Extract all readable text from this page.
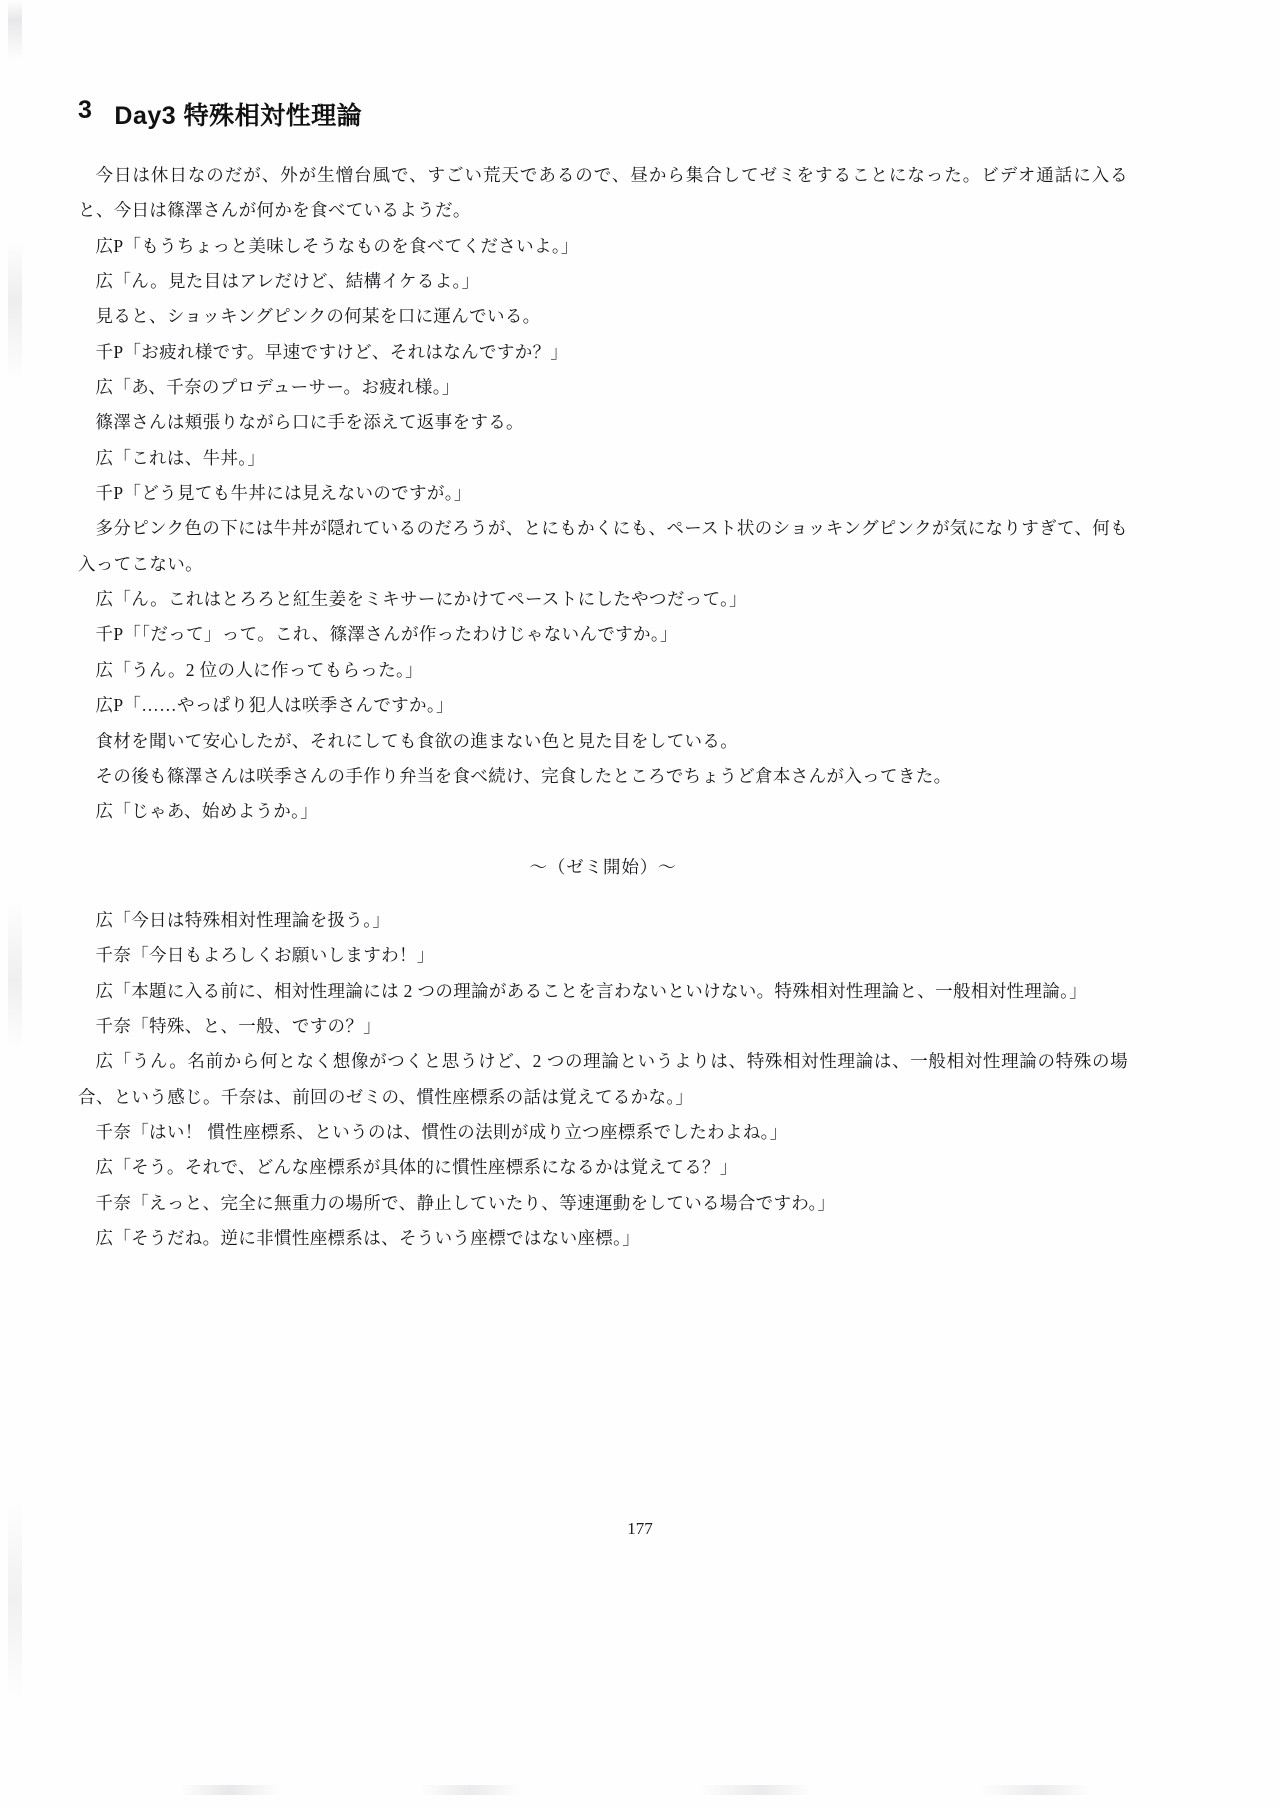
3 Day3 特殊相対性理論

今日は休日なのだが、外が生憎台風で、すごい荒天であるので、昼から集合してゼミをすることになった。ビデオ通話に入ると、今日は篠澤さんが何かを食べているようだ。

広P「もうちょっと美味しそうなものを食べてくださいよ。」

広「ん。見た目はアレだけど、結構イケるよ。」

見ると、ショッキングピンクの何某を口に運んでいる。

千P「お疲れ様です。早速ですけど、それはなんですか？」

広「あ、千奈のプロデューサー。お疲れ様。」

篠澤さんは頬張りながら口に手を添えて返事をする。

広「これは、牛丼。」

千P「どう見ても牛丼には見えないのですが。」

多分ピンク色の下には牛丼が隠れているのだろうが、とにもかくにも、ペースト状のショッキングピンクが気になりすぎて、何も入ってこない。

広「ん。これはとろろと紅生姜をミキサーにかけてペーストにしたやつだって。」

千P「「だって」って。これ、篠澤さんが作ったわけじゃないんですか。」

広「うん。2 位の人に作ってもらった。」

広P「……やっぱり犯人は咲季さんですか。」

食材を聞いて安心したが、それにしても食欲の進まない色と見た目をしている。

その後も篠澤さんは咲季さんの手作り弁当を食べ続け、完食したところでちょうど倉本さんが入ってきた。

広「じゃあ、始めようか。」

〜（ゼミ開始）〜

広「今日は特殊相対性理論を扱う。」

千奈「今日もよろしくお願いしますわ！」

広「本題に入る前に、相対性理論には 2 つの理論があることを言わないといけない。特殊相対性理論と、一般相対性理論。」

千奈「特殊、と、一般、ですの？」

広「うん。名前から何となく想像がつくと思うけど、2 つの理論というよりは、特殊相対性理論は、一般相対性理論の特殊の場合、という感じ。千奈は、前回のゼミの、慣性座標系の話は覚えてるかな。」

千奈「はい！ 慣性座標系、というのは、慣性の法則が成り立つ座標系でしたわよね。」

広「そう。それで、どんな座標系が具体的に慣性座標系になるかは覚えてる？」

千奈「えっと、完全に無重力の場所で、静止していたり、等速運動をしている場合ですわ。」

広「そうだね。逆に非慣性座標系は、そういう座標ではない座標。」

177
